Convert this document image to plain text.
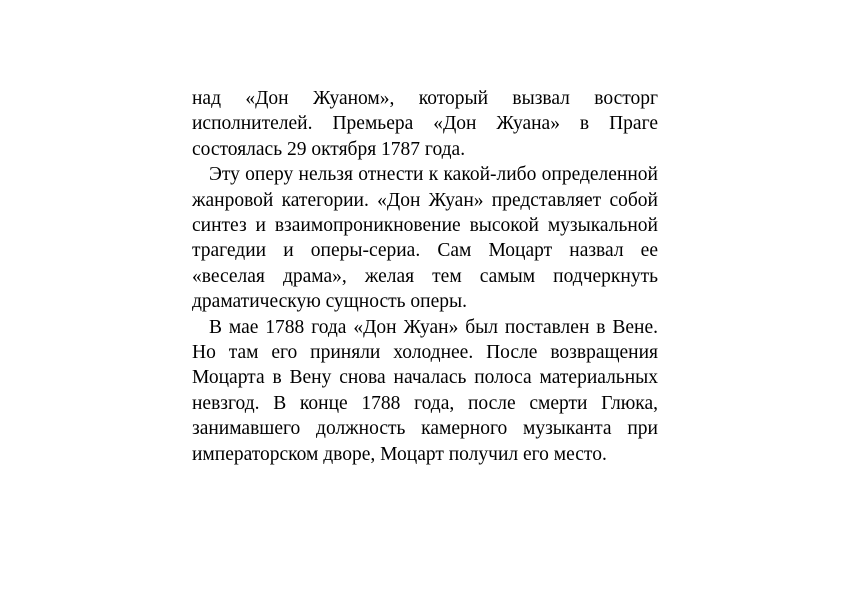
над «Дон Жуаном», который вызвал восторг исполнителей. Премьера «Дон Жуана» в Праге состоялась 29 октября 1787 года.

Эту оперу нельзя отнести к какой-либо определенной жанровой категории. «Дон Жуан» представляет собой синтез и взаимопроникновение высокой музыкальной трагедии и оперы-сериа. Сам Моцарт назвал ее «веселая драма», желая тем самым подчеркнуть драматическую сущность оперы.

В мае 1788 года «Дон Жуан» был поставлен в Вене. Но там его приняли холоднее. После возвращения Моцарта в Вену снова началась полоса материальных невзгод. В конце 1788 года, после смерти Глюка, занимавшего должность камерного музыканта при императорском дворе, Моцарт получил его место.
